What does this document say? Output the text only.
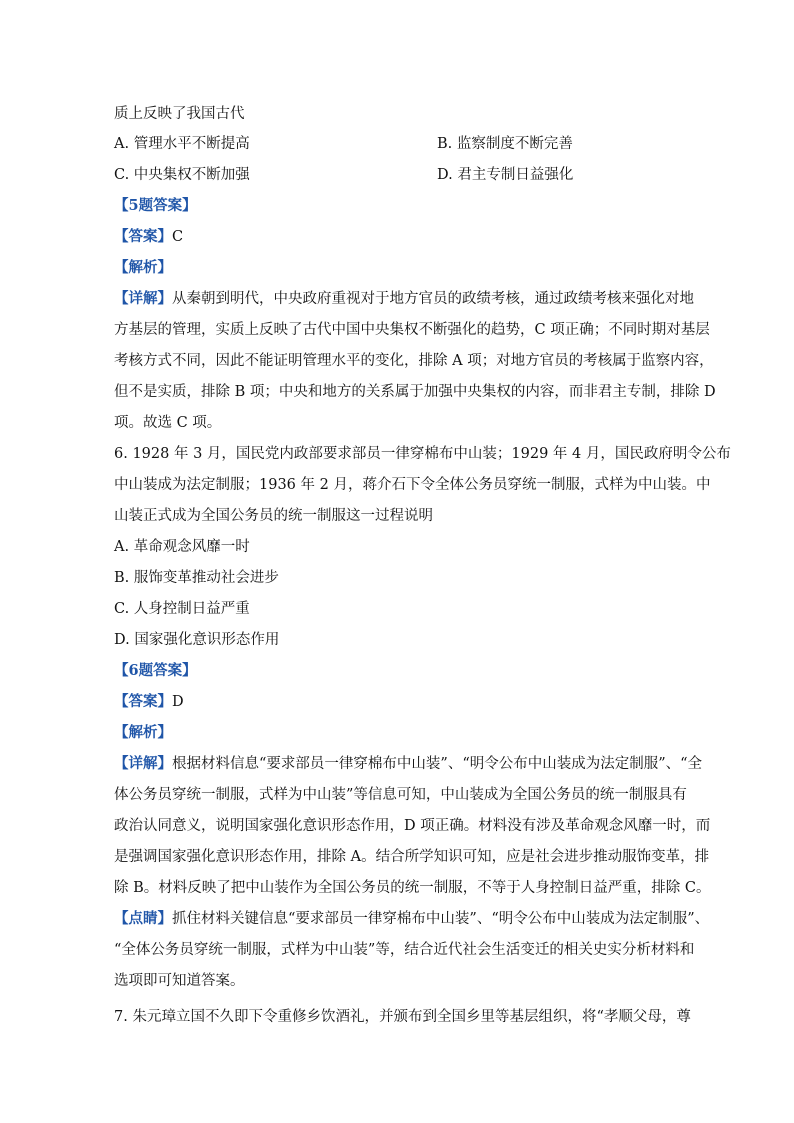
质上反映了我国古代
A. 管理水平不断提高	B. 监察制度不断完善
C. 中央集权不断加强	D. 君主专制日益强化
【5题答案】
【答案】C
【解析】
【详解】从秦朝到明代，中央政府重视对于地方官员的政绩考核，通过政绩考核来强化对地
方基层的管理，实质上反映了古代中国中央集权不断强化的趋势，C 项正确；不同时期对基层
考核方式不同，因此不能证明管理水平的变化，排除 A 项；对地方官员的考核属于监察内容，
但不是实质，排除 B 项；中央和地方的关系属于加强中央集权的内容，而非君主专制，排除 D
项。故选 C 项。
6. 1928 年 3 月，国民党内政部要求部员一律穿棉布中山装；1929 年 4 月，国民政府明令公布
中山装成为法定制服；1936 年 2 月，蒋介石下令全体公务员穿统一制服，式样为中山装。中
山装正式成为全国公务员的统一制服这一过程说明
A. 革命观念风靡一时
B. 服饰变革推动社会进步
C. 人身控制日益严重
D. 国家强化意识形态作用
【6题答案】
【答案】D
【解析】
【详解】根据材料信息“要求部员一律穿棉布中山装”、“明令公布中山装成为法定制服”、“全
体公务员穿统一制服，式样为中山装”等信息可知，中山装成为全国公务员的统一制服具有
政治认同意义，说明国家强化意识形态作用，D 项正确。材料没有涉及革命观念风靡一时，而
是强调国家强化意识形态作用，排除 A。结合所学知识可知，应是社会进步推动服饰变革，排
除 B。材料反映了把中山装作为全国公务员的统一制服，不等于人身控制日益严重，排除 C。
【点睛】抓住材料关键信息“要求部员一律穿棉布中山装”、“明令公布中山装成为法定制服”、
“全体公务员穿统一制服，式样为中山装”等，结合近代社会生活变迁的相关史实分析材料和
选项即可知道答案。
7. 朱元璋立国不久即下令重修乡饮酒礼，并颁布到全国乡里等基层组织，将“孝顺父母，尊
